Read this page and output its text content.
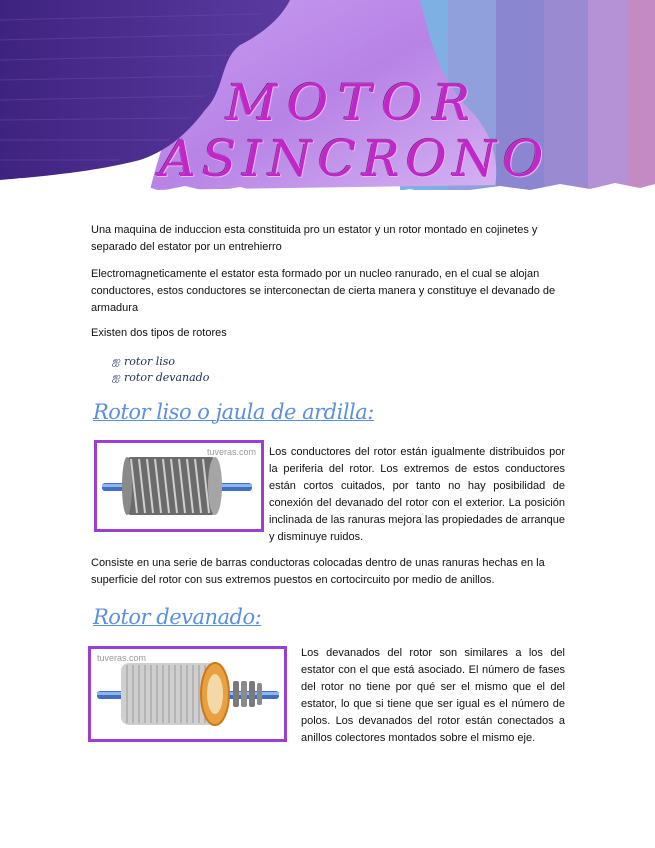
MOTOR
ASINCRONO

Una maquina de induccion esta constituida pro un estator y un rotor montado en cojinetes y separado del estator por un entrehierro

Electromagneticamente el estator esta formado por un nucleo ranurado, en el cual se alojan conductores, estos conductores se interconectan de cierta manera y constituye el devanado de armadura

Existen dos tipos de rotores

ஐ rotor liso
ஐ rotor devanado
Rotor liso o jaula de ardilla:
tuveras.com Los conductores del rotor están igualmente distribuidos por la periferia del rotor. Los extremos de estos conductores están cortos cuitados, por tanto no hay posibilidad de conexión del devanado del rotor con el exterior. La posición inclinada de las ranuras mejora las propiedades de arranque y disminuye ruidos.

Consiste en una serie de barras conductoras colocadas dentro de unas ranuras hechas en la superficie del rotor con sus extremos puestos en cortocircuito por medio de anillos.

Rotor devanado:
tuveras.com	Los devanados del rotor son similares a los del estator con el que está asociado. El número de fases del rotor no tiene por qué ser el mismo que el del estator, lo que si tiene que ser igual es el número de polos. Los devanados del rotor están conectados a anillos colectores montados sobre el mismo eje.
